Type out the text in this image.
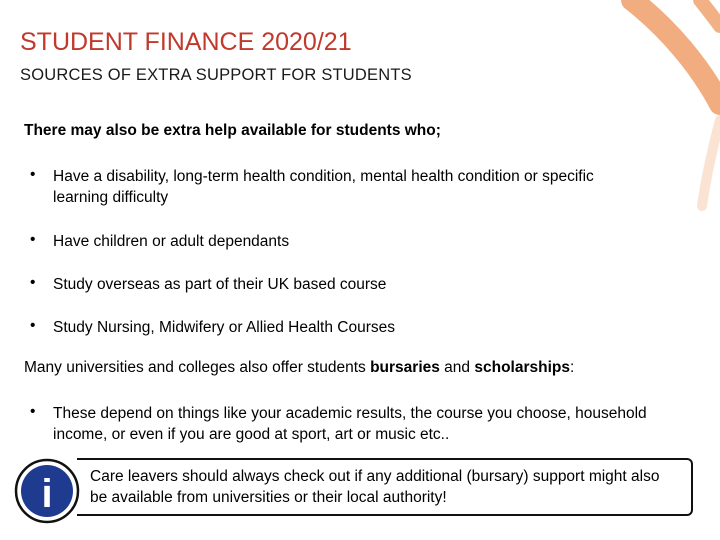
STUDENT FINANCE 2020/21
SOURCES OF EXTRA SUPPORT FOR STUDENTS
There may also be extra help available for students who;
• Have a disability, long-term health condition, mental health condition or specific learning difficulty
• Have children or adult dependants
• Study overseas as part of their UK based course
• Study Nursing, Midwifery or Allied Health Courses
Many universities and colleges also offer students bursaries and scholarships:
• These depend on things like your academic results, the course you choose, household income, or even if you are good at sport, art or music etc..
Care leavers should always check out if any additional (bursary) support might also be available from universities or their local authority!
i
